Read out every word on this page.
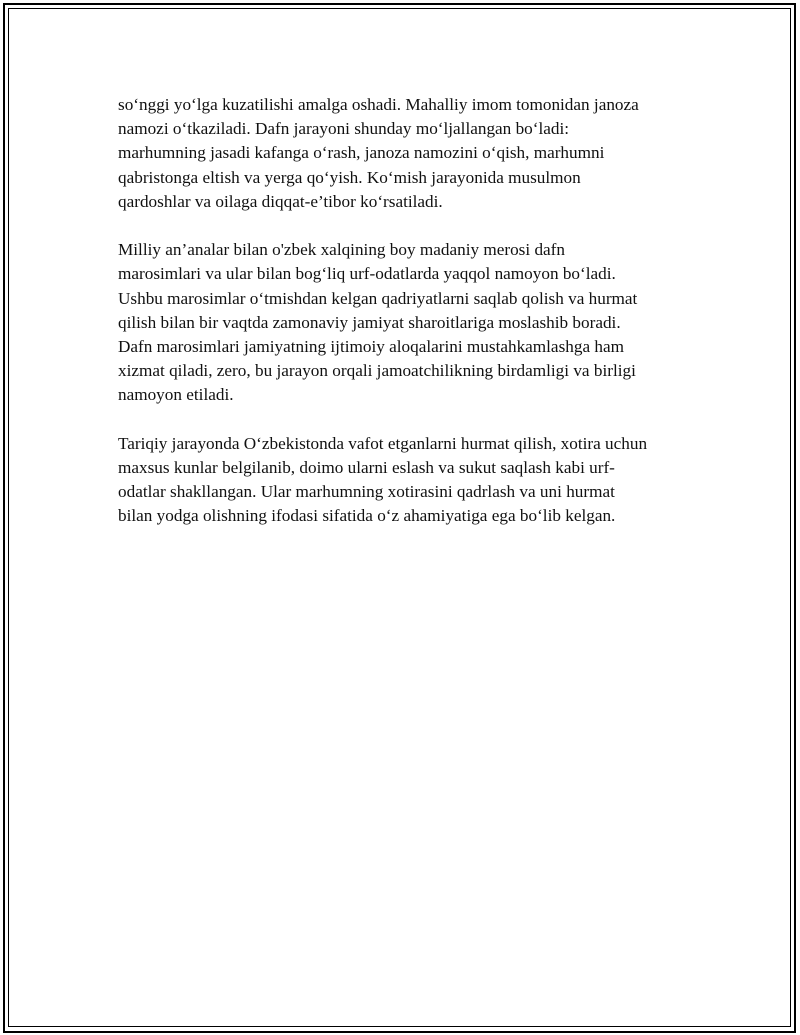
so‘nggi yo‘lga kuzatilishi amalga oshadi. Mahalliy imom tomonidan janoza
namozi o‘tkaziladi. Dafn jarayoni shunday mo‘ljallangan bo‘ladi:
marhumning jasadi kafanga o‘rash, janoza namozini o‘qish, marhumni
qabristonga eltish va yerga qo‘yish. Ko‘mish jarayonida musulmon
qardoshlar va oilaga diqqat-e’tibor ko‘rsatiladi.

Milliy an’analar bilan o'zbek xalqining boy madaniy merosi dafn
marosimlari va ular bilan bog‘liq urf-odatlarda yaqqol namoyon bo‘ladi.
Ushbu marosimlar o‘tmishdan kelgan qadriyatlarni saqlab qolish va hurmat
qilish bilan bir vaqtda zamonaviy jamiyat sharoitlariga moslashib boradi.
Dafn marosimlari jamiyatning ijtimoiy aloqalarini mustahkamlashga ham
xizmat qiladi, zero, bu jarayon orqali jamoatchilikning birdamligi va birligi
namoyon etiladi.

Tariqiy jarayonda O‘zbekistonda vafot etganlarni hurmat qilish, xotira uchun
maxsus kunlar belgilanib, doimo ularni eslash va sukut saqlash kabi urf-
odatlar shakllangan. Ular marhumning xotirasini qadrlash va uni hurmat
bilan yodga olishning ifodasi sifatida o‘z ahamiyatiga ega bo‘lib kelgan.
